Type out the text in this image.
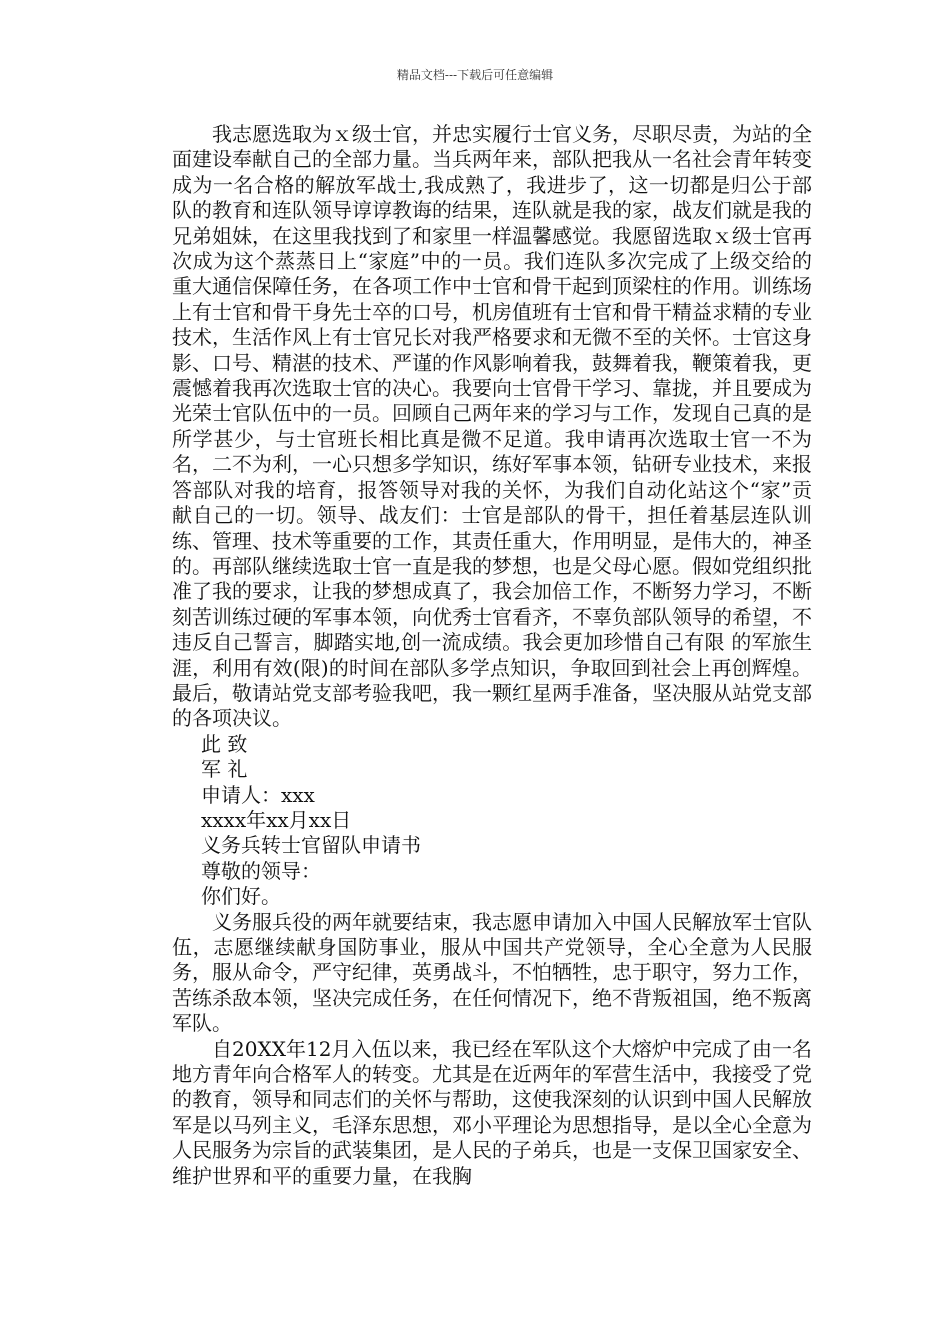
精品文档---下载后可任意编辑

我志愿选取为ｘ级士官，并忠实履行士官义务，尽职尽责，为站的全面建设奉献自己的全部力量。当兵两年来，部队把我从一名社会青年转变成为一名合格的解放军战士,我成熟了，我进步了，这一切都是归公于部队的教育和连队领导谆谆教诲的结果，连队就是我的家，战友们就是我的兄弟姐妹，在这里我找到了和家里一样温馨感觉。我愿留选取ｘ级士官再次成为这个蒸蒸日上“家庭”中的一员。我们连队多次完成了上级交给的重大通信保障任务，在各项工作中士官和骨干起到顶梁柱的作用。训练场上有士官和骨干身先士卒的口号，机房值班有士官和骨干精益求精的专业技术，生活作风上有士官兄长对我严格要求和无微不至的关怀。士官这身影、口号、精湛的技术、严谨的作风影响着我，鼓舞着我，鞭策着我，更震憾着我再次选取士官的决心。我要向士官骨干学习、靠拢，并且要成为光荣士官队伍中的一员。回顾自己两年来的学习与工作，发现自己真的是所学甚少，与士官班长相比真是微不足道。我申请再次选取士官一不为名，二不为利，一心只想多学知识，练好军事本领，钻研专业技术，来报答部队对我的培育，报答领导对我的关怀，为我们自动化站这个“家”贡献自己的一切。领导、战友们：士官是部队的骨干，担任着基层连队训练、管理、技术等重要的工作，其责任重大，作用明显，是伟大的，神圣的。再部队继续选取士官一直是我的梦想，也是父母心愿。假如党组织批准了我的要求，让我的梦想成真了，我会加倍工作，不断努力学习，不断刻苦训练过硬的军事本领，向优秀士官看齐，不辜负部队领导的希望，不违反自己誓言，脚踏实地,创一流成绩。我会更加珍惜自己有限 的军旅生涯，利用有效(限)的时间在部队多学点知识，争取回到社会上再创辉煌。最后，敬请站党支部考验我吧，我一颗红星两手准备，坚决服从站党支部的各项决议。

此 致

军 礼

申请人：xxx

xxxx年xx月xx日

义务兵转士官留队申请书

尊敬的领导：

你们好。

义务服兵役的两年就要结束，我志愿申请加入中国人民解放军士官队伍，志愿继续献身国防事业，服从中国共产党领导，全心全意为人民服务，服从命令，严守纪律，英勇战斗，不怕牺牲，忠于职守，努力工作，苦练杀敌本领，坚决完成任务，在任何情况下，绝不背叛祖国，绝不叛离军队。

自20XX年12月入伍以来，我已经在军队这个大熔炉中完成了由一名地方青年向合格军人的转变。尤其是在近两年的军营生活中，我接受了党的教育，领导和同志们的关怀与帮助，这使我深刻的认识到中国人民解放军是以马列主义，毛泽东思想，邓小平理论为思想指导，是以全心全意为人民服务为宗旨的武装集团，是人民的子弟兵，也是一支保卫国家安全、维护世界和平的重要力量，在我胸
